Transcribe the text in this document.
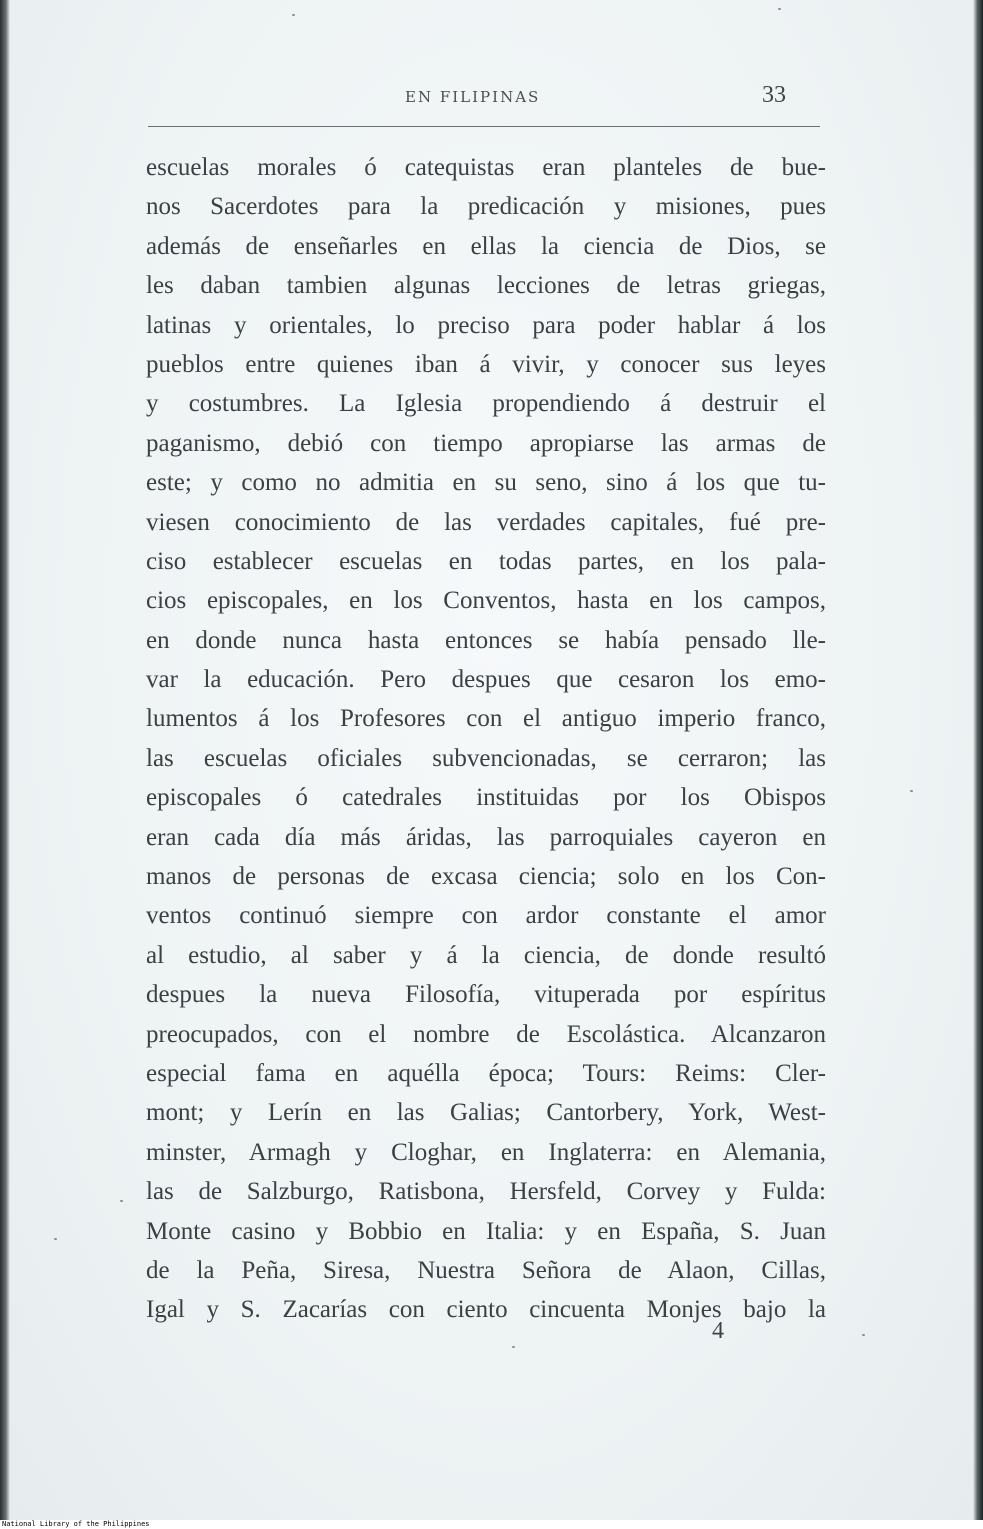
EN FILIPINAS	33
escuelas morales ó catequistas eran planteles de bue-
nos Sacerdotes para la predicación y misiones, pues
además de enseñarles en ellas la ciencia de Dios, se
les daban tambien algunas lecciones de letras griegas,
latinas y orientales, lo preciso para poder hablar á los
pueblos entre quienes iban á vivir, y conocer sus leyes
y costumbres. La Iglesia propendiendo á destruir el
paganismo, debió con tiempo apropiarse las armas de
este; y como no admitia en su seno, sino á los que tu-
viesen conocimiento de las verdades capitales, fué pre-
ciso establecer escuelas en todas partes, en los pala-
cios episcopales, en los Conventos, hasta en los campos,
en donde nunca hasta entonces se había pensado lle-
var la educación. Pero despues que cesaron los emo-
lumentos á los Profesores con el antiguo imperio franco,
las escuelas oficiales subvencionadas, se cerraron; las
episcopales ó catedrales instituidas por los Obispos
eran cada día más áridas, las parroquiales cayeron en
manos de personas de excasa ciencia; solo en los Con-
ventos continuó siempre con ardor constante el amor
al estudio, al saber y á la ciencia, de donde resultó
despues la nueva Filosofía, vituperada por espíritus
preocupados, con el nombre de Escolástica. Alcanzaron
especial fama en aquélla época; Tours: Reims: Cler-
mont; y Lerín en las Galias; Cantorbery, York, West-
minster, Armagh y Cloghar, en Inglaterra: en Alemania,
las de Salzburgo, Ratisbona, Hersfeld, Corvey y Fulda:
Monte casino y Bobbio en Italia: y en España, S. Juan
de la Peña, Siresa, Nuestra Señora de Alaon, Cillas,
Igal y S. Zacarías con ciento cincuenta Monjes bajo la
4
National Library of the Philippines
